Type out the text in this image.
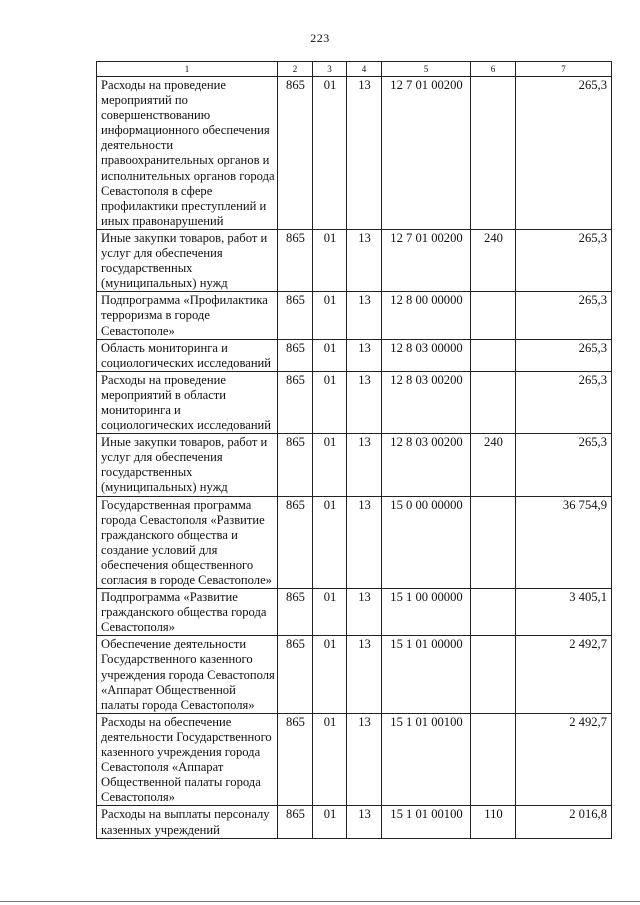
223
1	2	3	4	5	6	7
Расходы на проведение мероприятий по совершенствованию информационного обеспечения деятельности правоохранительных органов и исполнительных органов города Севастополя в сфере профилактики преступлений и иных правонарушений	865	01	13	12 7 01 00200		265,3
Иные закупки товаров, работ и услуг для обеспечения государственных (муниципальных) нужд	865	01	13	12 7 01 00200	240	265,3
Подпрограмма «Профилактика терроризма в городе Севастополе»	865	01	13	12 8 00 00000		265,3
Область мониторинга и социологических исследований	865	01	13	12 8 03 00000		265,3
Расходы на проведение мероприятий в области мониторинга и социологических исследований	865	01	13	12 8 03 00200		265,3
Иные закупки товаров, работ и услуг для обеспечения государственных (муниципальных) нужд	865	01	13	12 8 03 00200	240	265,3
Государственная программа города Севастополя «Развитие гражданского общества и создание условий для обеспечения общественного согласия в городе Севастополе»	865	01	13	15 0 00 00000		36 754,9
Подпрограмма «Развитие гражданского общества города Севастополя»	865	01	13	15 1 00 00000		3 405,1
Обеспечение деятельности Государственного казенного учреждения города Севастополя «Аппарат Общественной палаты города Севастополя»	865	01	13	15 1 01 00000		2 492,7
Расходы на обеспечение деятельности Государственного казенного учреждения города Севастополя «Аппарат Общественной палаты города Севастополя»	865	01	13	15 1 01 00100		2 492,7
Расходы на выплаты персоналу казенных учреждений	865	01	13	15 1 01 00100	110	2 016,8
